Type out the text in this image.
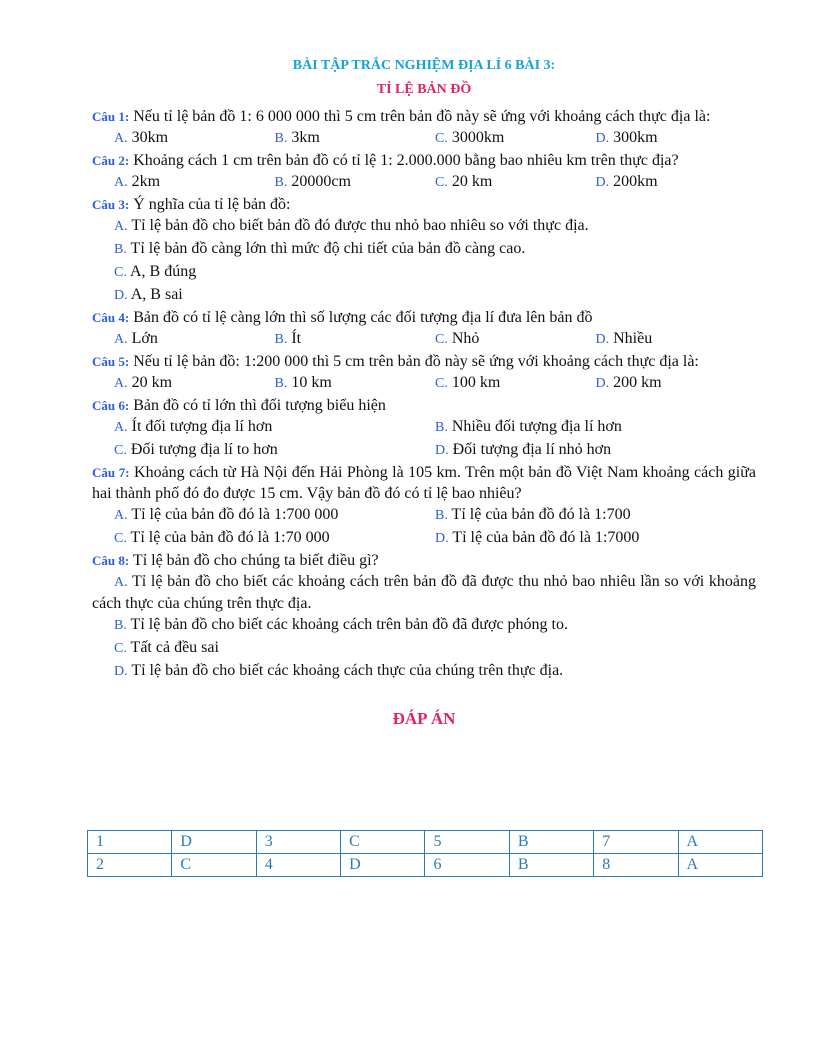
BÀI TẬP TRẮC NGHIỆM ĐỊA LÍ 6 BÀI 3:
TỈ LỆ BẢN ĐỒ
Câu 1: Nếu tỉ lệ bản đồ 1: 6 000 000 thì 5 cm trên bản đồ này sẽ ứng với khoảng cách thực địa là:
A. 30km	B. 3km	C. 3000km	D. 300km
Câu 2: Khoảng cách 1 cm trên bản đồ có tỉ lệ 1: 2.000.000 bằng bao nhiêu km trên thực địa?
A. 2km	B. 20000cm	C. 20 km	D. 200km
Câu 3: Ý nghĩa của tỉ lệ bản đồ:
A. Tỉ lệ bản đồ cho biết bản đồ đó được thu nhỏ bao nhiêu so với thực địa.
B. Tỉ lệ bản đồ càng lớn thì mức độ chi tiết của bản đồ càng cao.
C. A, B đúng
D. A, B sai
Câu 4: Bản đồ có tỉ lệ càng lớn thì số lượng các đối tượng địa lí đưa lên bản đồ
A. Lớn	B. Ít	C. Nhỏ	D. Nhiều
Câu 5: Nếu tỉ lệ bản đồ: 1:200 000 thì 5 cm trên bản đồ này sẽ ứng với khoảng cách thực địa là:
A. 20 km	B. 10 km	C. 100 km	D. 200 km
Câu 6: Bản đồ có tỉ lớn thì đối tượng biểu hiện
A. Ít đối tượng địa lí hơn	B. Nhiều đối tượng địa lí hơn
C. Đối tượng địa lí to hơn	D. Đối tượng địa lí nhỏ hơn
Câu 7: Khoảng cách từ Hà Nội đến Hải Phòng là 105 km. Trên một bản đồ Việt Nam khoảng cách giữa hai thành phố đó đo được 15 cm. Vậy bản đồ đó có tỉ lệ bao nhiêu?
A. Tỉ lệ của bản đồ đó là 1:700 000	B. Tỉ lệ của bản đồ đó là 1:700
C. Tỉ lệ của bản đồ đó là 1:70 000	D. Tỉ lệ của bản đồ đó là 1:7000
Câu 8: Tỉ lệ bản đồ cho chúng ta biết điều gì?
A. Tỉ lệ bản đồ cho biết các khoảng cách trên bản đồ đã được thu nhỏ bao nhiêu lần so với khoảng cách thực của chúng trên thực địa.
B. Tỉ lệ bản đồ cho biết các khoảng cách trên bản đồ đã được phóng to.
C. Tất cả đều sai
D. Tỉ lệ bản đồ cho biết các khoảng cách thực của chúng trên thực địa.
ĐÁP ÁN
1	D	3	C	5	B	7	A
2	C	4	D	6	B	8	A
